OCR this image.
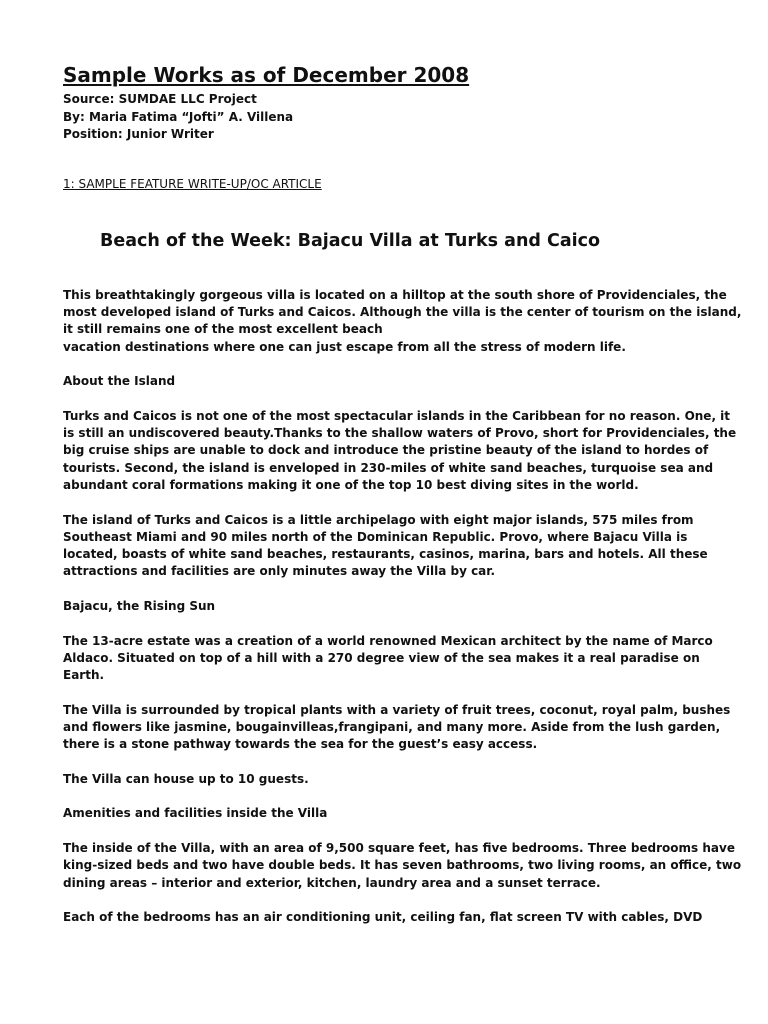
Sample Works as of December 2008
Source: SUMDAE LLC Project
By: Maria Fatima “Jofti” A. Villena
Position: Junior Writer
1: SAMPLE FEATURE WRITE-UP/OC ARTICLE
Beach of the Week: Bajacu Villa at Turks and Caico

This breathtakingly gorgeous villa is located on a hilltop at the south shore of Providenciales, the
most developed island of Turks and Caicos. Although the villa is the center of tourism on the island,
it still remains one of the most excellent beach
vacation destinations where one can just escape from all the stress of modern life.

About the Island

Turks and Caicos is not one of the most spectacular islands in the Caribbean for no reason. One, it
is still an undiscovered beauty.Thanks to the shallow waters of Provo, short for Providenciales, the
big cruise ships are unable to dock and introduce the pristine beauty of the island to hordes of
tourists. Second, the island is enveloped in 230-miles of white sand beaches, turquoise sea and
abundant coral formations making it one of the top 10 best diving sites in the world.

The island of Turks and Caicos is a little archipelago with eight major islands, 575 miles from
Southeast Miami and 90 miles north of the Dominican Republic. Provo, where Bajacu Villa is
located, boasts of white sand beaches, restaurants, casinos, marina, bars and hotels. All these
attractions and facilities are only minutes away the Villa by car.

Bajacu, the Rising Sun

The 13-acre estate was a creation of a world renowned Mexican architect by the name of Marco
Aldaco. Situated on top of a hill with a 270 degree view of the sea makes it a real paradise on
Earth.

The Villa is surrounded by tropical plants with a variety of fruit trees, coconut, royal palm, bushes
and flowers like jasmine, bougainvilleas,frangipani, and many more. Aside from the lush garden,
there is a stone pathway towards the sea for the guest’s easy access.

The Villa can house up to 10 guests.

Amenities and facilities inside the Villa

The inside of the Villa, with an area of 9,500 square feet, has five bedrooms. Three bedrooms have
king-sized beds and two have double beds. It has seven bathrooms, two living rooms, an office, two
dining areas – interior and exterior, kitchen, laundry area and a sunset terrace.

Each of the bedrooms has an air conditioning unit, ceiling fan, flat screen TV with cables, DVD
